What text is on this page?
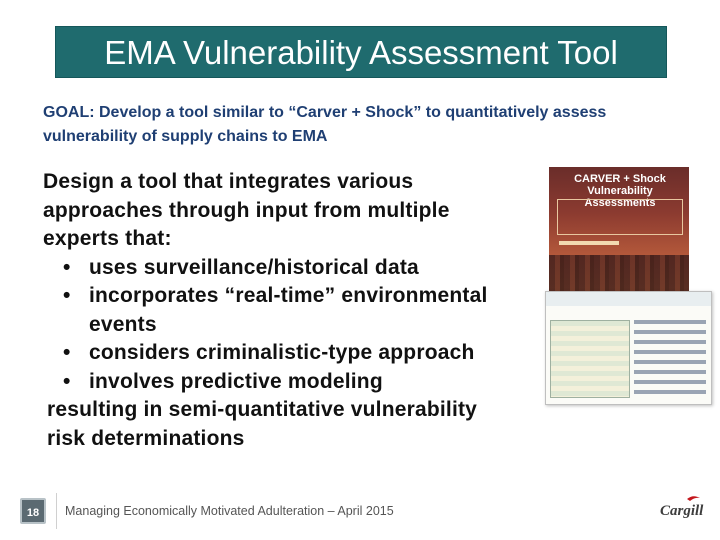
EMA Vulnerability Assessment Tool
GOAL: Develop a tool similar to “Carver + Shock” to quantitatively assess vulnerability of supply chains to EMA
Design a tool that integrates various
approaches through input from multiple
experts that:
• uses surveillance/historical data
• incorporates “real-time” environmental
events
• considers criminalistic-type approach
• involves predictive modeling
resulting in semi-quantitative vulnerability
risk determinations
CARVER + Shock Vulnerability Assessments
18	Managing Economically Motivated Adulteration – April 2015	Cargill
